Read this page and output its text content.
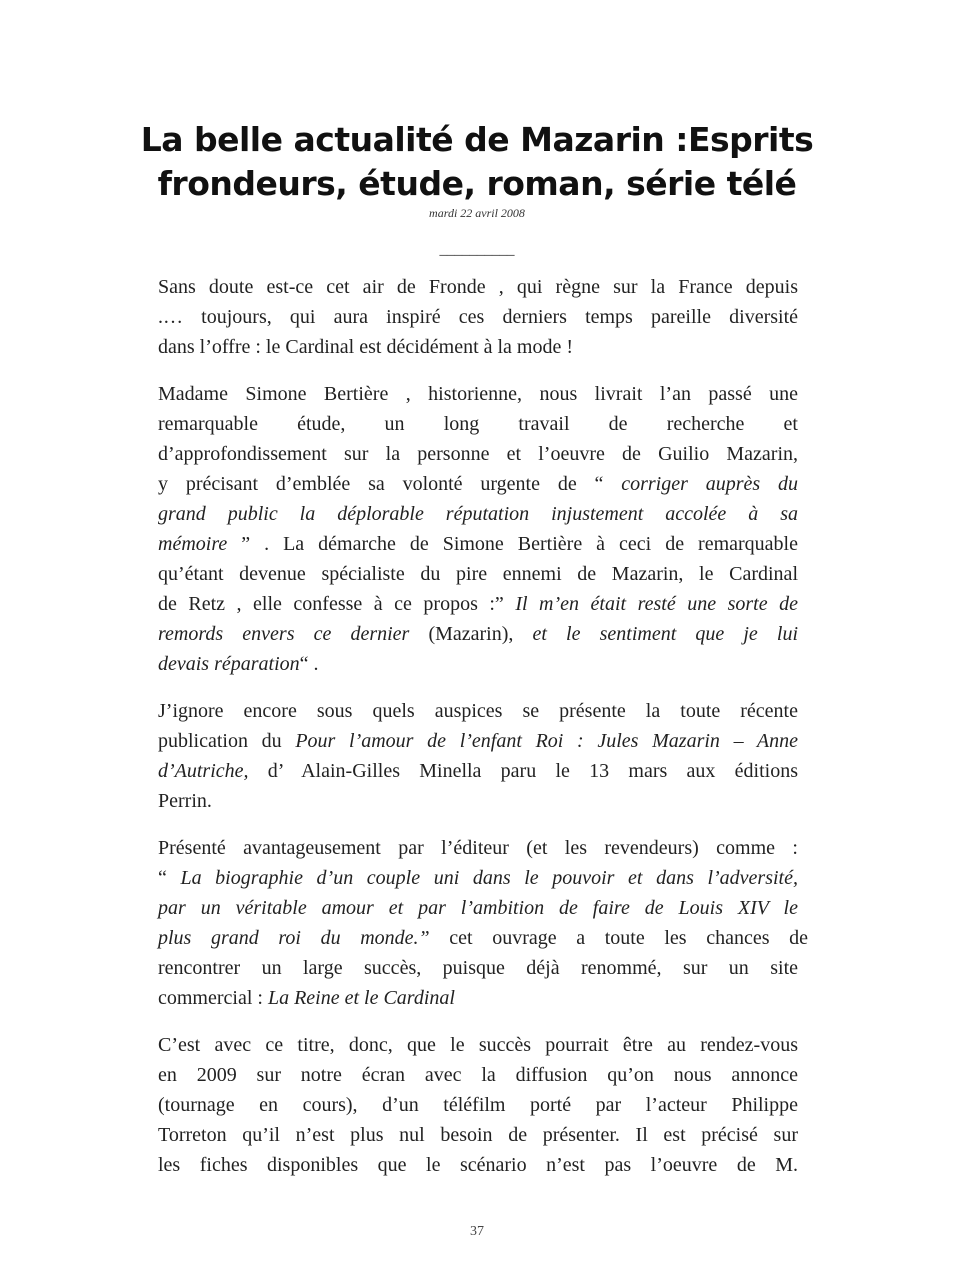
La belle actualité de Mazarin :Esprits
frondeurs, étude, roman, série télé
mardi 22 avril 2008
__________
Sans doute est-ce cet air de Fronde , qui règne sur la France depuis
.… toujours, qui aura inspiré ces derniers temps pareille diversité
dans l’offre : le Cardinal est décidément à la mode !
Madame Simone Bertière , historienne, nous livrait l’an passé une
remarquable étude, un long travail de recherche et
d’approfondissement sur la personne et l’oeuvre de Guilio Mazarin,
y précisant d’emblée sa volonté urgente de “ corriger auprès du
grand public la déplorable réputation injustement accolée à sa
mémoire ” . La démarche de Simone Bertière à ceci de remarquable
qu’étant devenue spécialiste du pire ennemi de Mazarin, le Cardinal
de Retz , elle confesse à ce propos :” Il m’en était resté une sorte de
remords envers ce dernier (Mazarin), et le sentiment que je lui
devais réparation“ .
J’ignore encore sous quels auspices se présente la toute récente
publication du Pour l’amour de l’enfant Roi : Jules Mazarin – Anne
d’Autriche, d’ Alain-Gilles Minella paru le 13 mars aux éditions
Perrin.
Présenté avantageusement par l’éditeur (et les revendeurs) comme :
“ La biographie d’un couple uni dans le pouvoir et dans l’adversité,
par un véritable amour et par l’ambition de faire de Louis XIV le
plus grand roi du monde.” cet ouvrage a toute les chances de
rencontrer un large succès, puisque déjà renommé, sur un site
commercial : La Reine et le Cardinal
C’est avec ce titre, donc, que le succès pourrait être au rendez-vous
en 2009 sur notre écran avec la diffusion qu’on nous annonce
(tournage en cours), d’un téléfilm porté par l’acteur Philippe
Torreton qu’il n’est plus nul besoin de présenter. Il est précisé sur
les fiches disponibles que le scénario n’est pas l’oeuvre de M.
37
